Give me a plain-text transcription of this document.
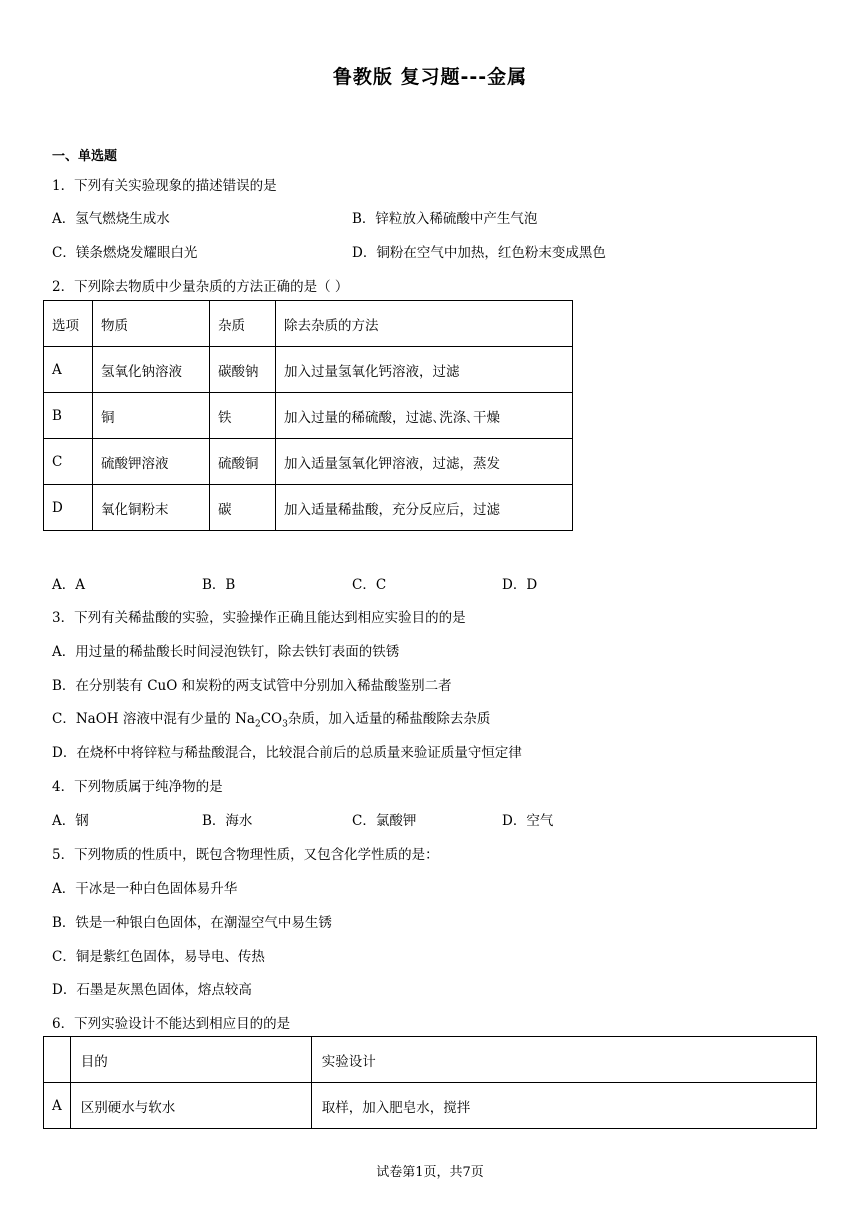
鲁教版 复习题---金属
一、单选题
1．下列有关实验现象的描述错误的是
A．氢气燃烧生成水	B．锌粒放入稀硫酸中产生气泡
C．镁条燃烧发耀眼白光	D．铜粉在空气中加热，红色粉末变成黑色
2．下列除去物质中少量杂质的方法正确的是（ ）
选项	物质	杂质	除去杂质的方法
A	氢氧化钠溶液	碳酸钠	加入过量氢氧化钙溶液，过滤
B	铜	铁	加入过量的稀硫酸，过滤､洗涤､干燥
C	硫酸钾溶液	硫酸铜	加入适量氢氧化钾溶液，过滤，蒸发
D	氧化铜粉末	碳	加入适量稀盐酸，充分反应后，过滤
A．A	B．B	C．C	D．D
3．下列有关稀盐酸的实验，实验操作正确且能达到相应实验目的的是
A．用过量的稀盐酸长时间浸泡铁钉，除去铁钉表面的铁锈
B．在分别装有 CuO 和炭粉的两支试管中分别加入稀盐酸鉴别二者
C．NaOH 溶液中混有少量的 $Na_2CO_3$杂质，加入适量的稀盐酸除去杂质
D．在烧杯中将锌粒与稀盐酸混合，比较混合前后的总质量来验证质量守恒定律
4．下列物质属于纯净物的是
A．钢	B．海水	C．氯酸钾	D．空气
5．下列物质的性质中，既包含物理性质，又包含化学性质的是：
A．干冰是一种白色固体易升华
B．铁是一种银白色固体，在潮湿空气中易生锈
C．铜是紫红色固体，易导电、传热
D．石墨是灰黑色固体，熔点较高
6．下列实验设计不能达到相应目的的是
	目的	实验设计
A	区别硬水与软水	取样，加入肥皂水，搅拌
试卷第1页，共7页
